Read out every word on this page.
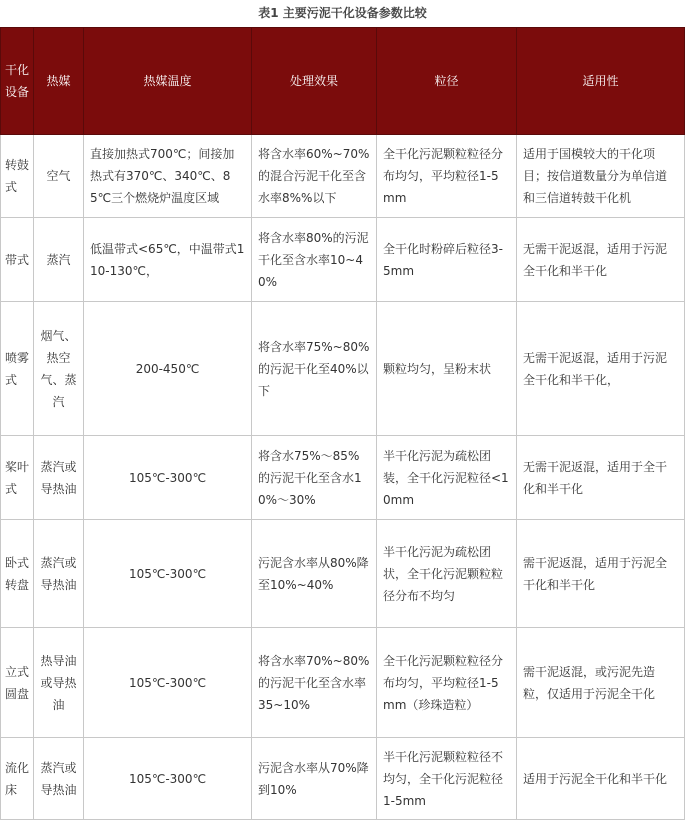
表1 主要污泥干化设备参数比较
干化设备	热媒	热媒温度	处理效果	粒径	适用性
转鼓式	空气	直接加热式700℃；间接加热式有370℃、340℃、85℃三个燃烧炉温度区域	将含水率60%~70%的混合污泥干化至含水率8%%以下	全干化污泥颗粒粒径分布均匀，平均粒径1-5mm	适用于国模较大的干化项目；按信道数量分为单信道和三信道转鼓干化机
带式	蒸汽	低温带式<65℃，中温带式110-130℃，	将含水率80%的污泥干化至含水率10~40%	全干化时粉碎后粒径3-5mm	无需干泥返混，适用于污泥全干化和半干化
喷雾式	烟气、热空气、蒸汽	200-450℃	将含水率75%~80%的污泥干化至40%以下	颗粒均匀，呈粉末状	无需干泥返混，适用于污泥全干化和半干化，
桨叶式	蒸汽或导热油	105℃-300℃	将含水75%～85%的污泥干化至含水10%～30%	半干化污泥为疏松团装，全干化污泥粒径<10mm	无需干泥返混，适用于全干化和半干化
卧式转盘	蒸汽或导热油	105℃-300℃	污泥含水率从80%降至10%~40%	半干化污泥为疏松团状，全干化污泥颗粒粒径分布不均匀	需干泥返混，适用于污泥全干化和半干化
立式圆盘	热导油或导热油	105℃-300℃	将含水率70%~80%的污泥干化至含水率35~10%	全干化污泥颗粒粒径分布均匀，平均粒径1-5mm（珍珠造粒）	需干泥返混，或污泥先造粒，仅适用于污泥全干化
流化床	蒸汽或导热油	105℃-300℃	污泥含水率从70%降到10%	半干化污泥颗粒粒径不均匀，全干化污泥粒径1-5mm	适用于污泥全干化和半干化
